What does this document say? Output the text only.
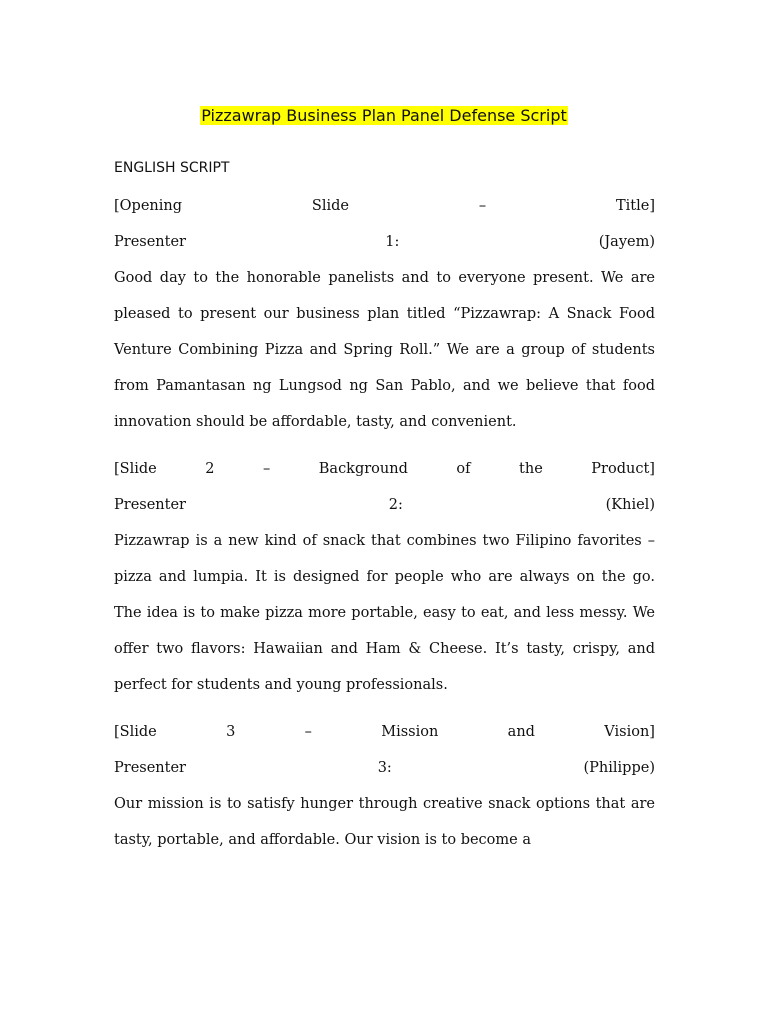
Pizzawrap Business Plan Panel Defense Script
ENGLISH SCRIPT
[Opening	Slide	–	Title]
Presenter	1:	(Jayem)

Good day to the honorable panelists and to everyone present. We are pleased to present our business plan titled “Pizzawrap: A Snack Food Venture Combining Pizza and Spring Roll.” We are a group of students from Pamantasan ng Lungsod ng San Pablo, and we believe that food innovation should be affordable, tasty, and convenient.

[Slide	2	–	Background	of	the	Product]
Presenter	2:	(Khiel)

Pizzawrap is a new kind of snack that combines two Filipino favorites – pizza and lumpia. It is designed for people who are always on the go. The idea is to make pizza more portable, easy to eat, and less messy. We offer two flavors: Hawaiian and Ham & Cheese. It’s tasty, crispy, and perfect for students and young professionals.

[Slide	3	–	Mission	and	Vision]
Presenter	3:	(Philippe)

Our mission is to satisfy hunger through creative snack options that are tasty, portable, and affordable. Our vision is to become a
